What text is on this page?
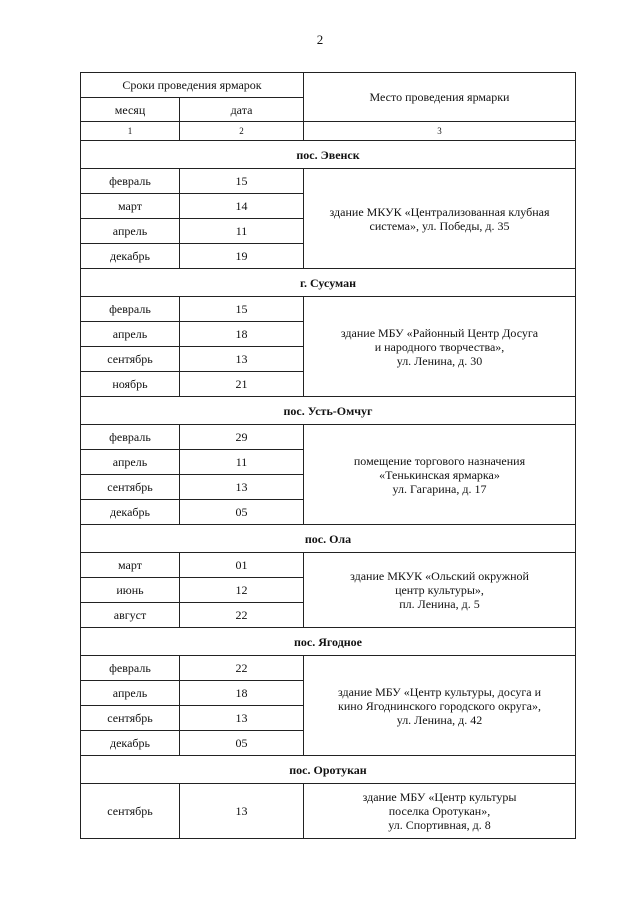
2
Сроки проведения ярмарок		Место проведения ярмарки
месяц	дата	
1	2	3
пос. Эвенск		
февраль	15	здание МКУК «Централизованная клубная
система», ул. Победы, д. 35

март	14	
апрель	11	
декабрь	19	
г. Сусуман		
февраль	15	здание МБУ «Районный Центр Досуга
и народного творчества»,
ул. Ленина, д. 30

апрель	18	
сентябрь	13	
ноябрь	21	
пос. Усть-Омчуг		
февраль	29	помещение торгового назначения
«Тенькинская ярмарка»
ул. Гагарина, д. 17

апрель	11	
сентябрь	13	
декабрь	05	
пос. Ола		
март	01	здание МКУК «Ольский окружной
центр культуры»,
пл. Ленина, д. 5

июнь	12	
август	22	
пос. Ягодное		
февраль	22	здание МБУ «Центр культуры, досуга и
кино Ягоднинского городского округа»,
ул. Ленина, д. 42

апрель	18	
сентябрь	13	
декабрь	05	
пос. Оротукан		
сентябрь	13	здание МБУ «Центр культуры
поселка Оротукан»,
ул. Спортивная, д. 8
